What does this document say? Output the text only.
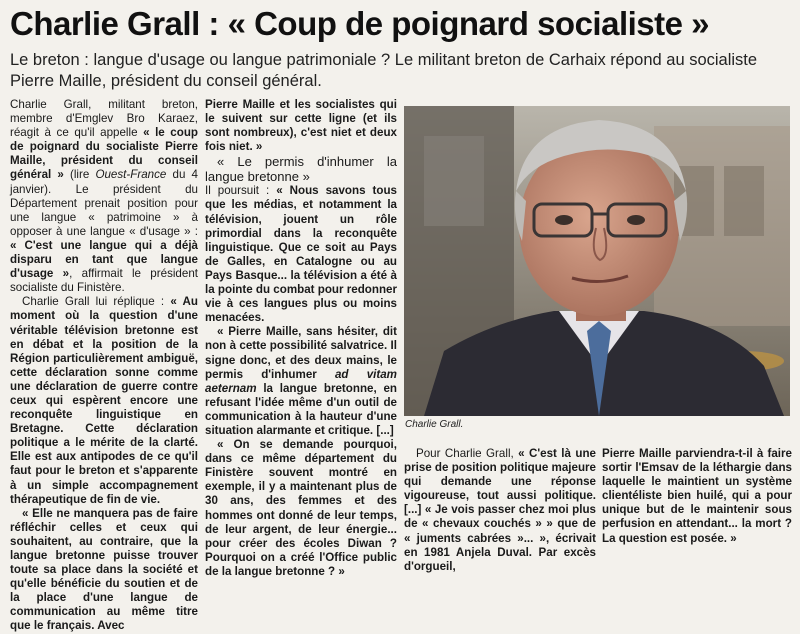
Charlie Grall : « Coup de poignard socialiste »

Le breton : langue d'usage ou langue patrimoniale ? Le militant breton de Carhaix répond au socialiste Pierre Maille, président du conseil général.

Charlie Grall, militant breton, membre d'Emglev Bro Karaez, réagit à ce qu'il appelle « le coup de poignard du socialiste Pierre Maille, président du conseil général » (lire Ouest-France du 4 janvier). Le président du Département prenait position pour une langue « patrimoine » à opposer à une langue « d'usage » : « C'est une langue qui a déjà disparu en tant que langue d'usage », affirmait le président socialiste du Finistère.

Charlie Grall lui réplique : « Au moment où la question d'une véritable télévision bretonne est en débat et la position de la Région particulièrement ambiguë, cette déclaration sonne comme une déclaration de guerre contre ceux qui espèrent encore une reconquête linguistique en Bretagne. Cette déclaration politique a le mérite de la clarté. Elle est aux antipodes de ce qu'il faut pour le breton et s'apparente à un simple accompagnement thérapeutique de fin de vie.

« Elle ne manquera pas de faire réfléchir celles et ceux qui souhaitent, au contraire, que la langue bretonne puisse trouver toute sa place dans la société et qu'elle bénéficie du soutien et de la place d'une langue de communication au même titre que le français. Avec

Pierre Maille et les socialistes qui le suivent sur cette ligne (et ils sont nombreux), c'est niet et deux fois niet. »

« Le permis d'inhumer la langue bretonne »

Il poursuit : « Nous savons tous que les médias, et notamment la télévision, jouent un rôle primordial dans la reconquête linguistique. Que ce soit au Pays de Galles, en Catalogne ou au Pays Basque... la télévision a été à la pointe du combat pour redonner vie à ces langues plus ou moins menacées.

« Pierre Maille, sans hésiter, dit non à cette possibilité salvatrice. Il signe donc, et des deux mains, le permis d'inhumer ad vitam aeternam la langue bretonne, en refusant l'idée même d'un outil de communication à la hauteur d'une situation alarmante et critique. [...]

« On se demande pourquoi, dans ce même département du Finistère souvent montré en exemple, il y a maintenant plus de 30 ans, des femmes et des hommes ont donné de leur temps, de leur argent, de leur énergie... pour créer des écoles Diwan ? Pourquoi on a créé l'Office public de la langue bretonne ? »

Charlie Grall.

Pour Charlie Grall, « C'est là une prise de position politique majeure qui demande une réponse vigoureuse, tout aussi politique. [...] « Je vois passer chez moi plus de « chevaux couchés » » que de « juments cabrées »... », écrivait en 1981 Anjela Duval. Par excès d'orgueil,

Pierre Maille parviendra-t-il à faire sortir l'Emsav de la léthargie dans laquelle le maintient un système clientéliste bien huilé, qui a pour unique but de le maintenir sous perfusion en attendant... la mort ? La question est posée. »
